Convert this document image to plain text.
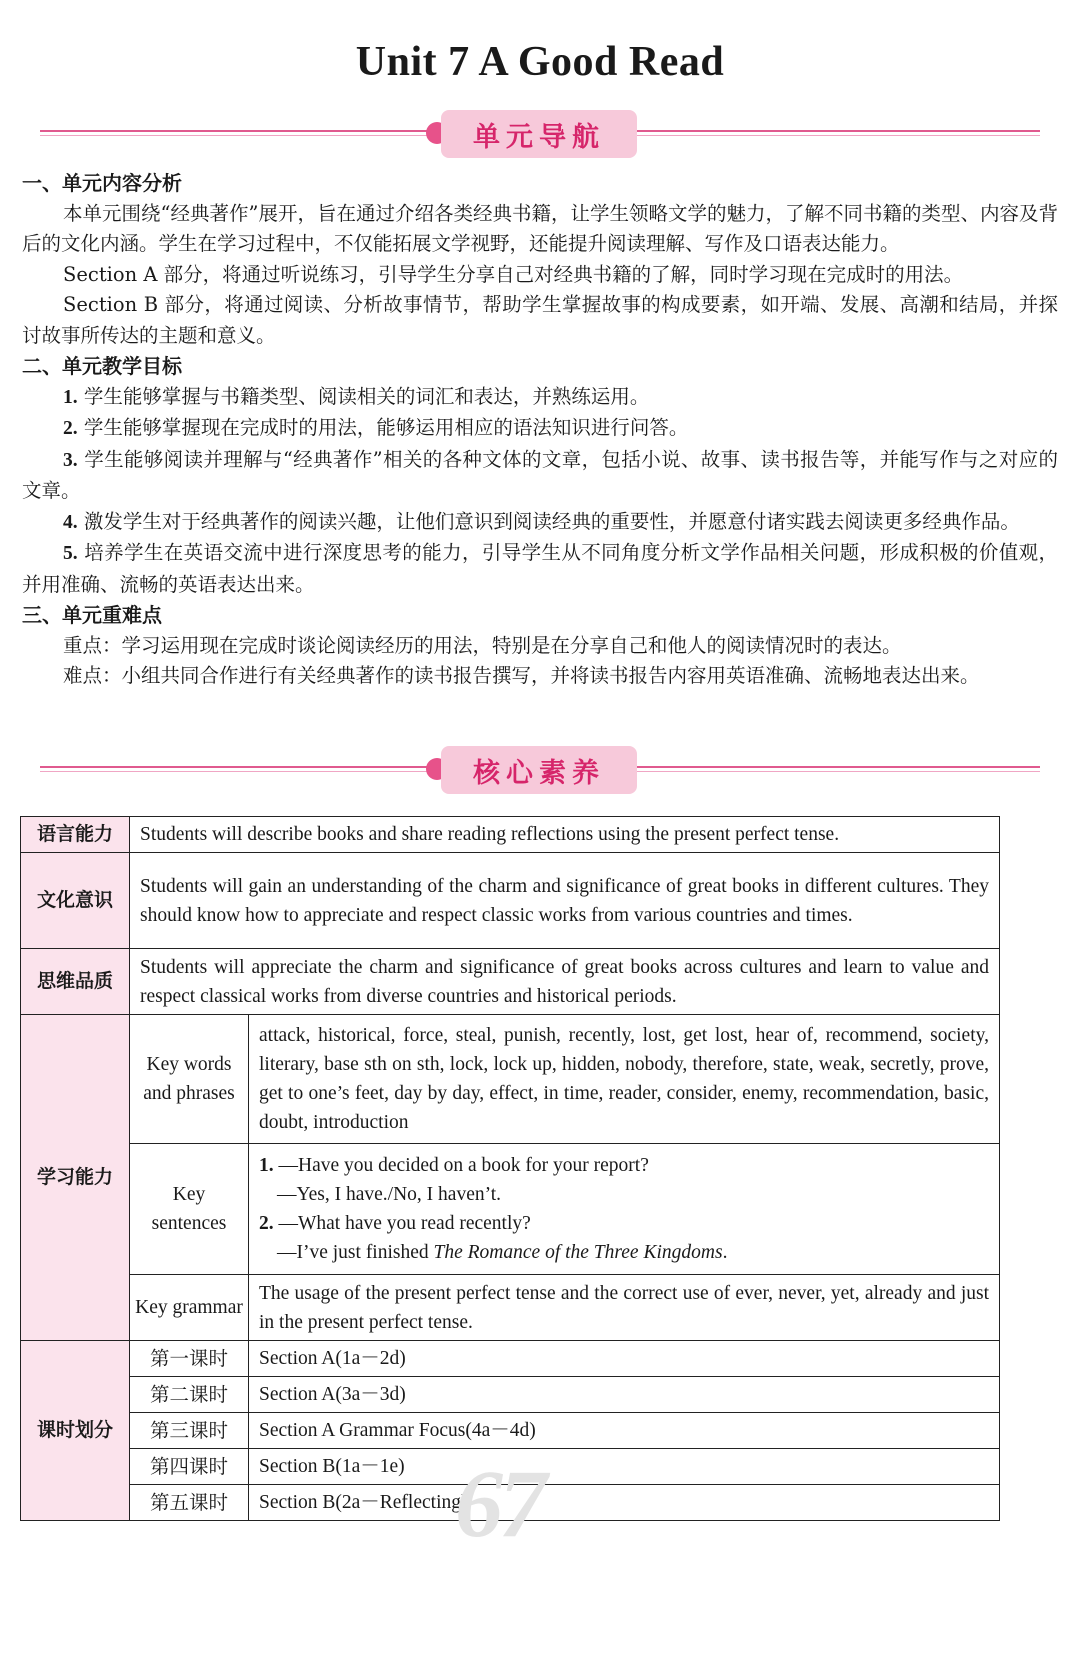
Unit 7 A Good Read
单元导航

一、单元内容分析

本单元围绕“经典著作”展开，旨在通过介绍各类经典书籍，让学生领略文学的魅力，了解不同书籍的类型、内容及背后的文化内涵。学生在学习过程中，不仅能拓展文学视野，还能提升阅读理解、写作及口语表达能力。

Section A 部分，将通过听说练习，引导学生分享自己对经典书籍的了解，同时学习现在完成时的用法。

Section B 部分，将通过阅读、分析故事情节，帮助学生掌握故事的构成要素，如开端、发展、高潮和结局，并探讨故事所传达的主题和意义。

二、单元教学目标

1. 学生能够掌握与书籍类型、阅读相关的词汇和表达，并熟练运用。

2. 学生能够掌握现在完成时的用法，能够运用相应的语法知识进行问答。

3. 学生能够阅读并理解与“经典著作”相关的各种文体的文章，包括小说、故事、读书报告等，并能写作与之对应的文章。

4. 激发学生对于经典著作的阅读兴趣，让他们意识到阅读经典的重要性，并愿意付诸实践去阅读更多经典作品。

5. 培养学生在英语交流中进行深度思考的能力，引导学生从不同角度分析文学作品相关问题，形成积极的价值观，并用准确、流畅的英语表达出来。

三、单元重难点

重点：学习运用现在完成时谈论阅读经历的用法，特别是在分享自己和他人的阅读情况时的表达。

难点：小组共同合作进行有关经典著作的读书报告撰写，并将读书报告内容用英语准确、流畅地表达出来。

核心素养
语言能力	Students will describe books and share reading reflections using the present perfect tense.	
文化意识	Students will gain an understanding of the charm and significance of great books in different cultures. They should know how to appreciate and respect classic works from various countries and times.	
思维品质	Students will appreciate the charm and significance of great books across cultures and learn to value and respect classical works from diverse countries and historical periods.	
学习能力	Key words and phrases	attack, historical, force, steal, punish, recently, lost, get lost, hear of, recommend, society, literary, base sth on sth, lock, lock up, hidden, nobody, therefore, state, weak, secretly, prove, get to one’s feet, day by day, effect, in time, reader, consider, enemy, recommendation, basic, doubt, introduction
	Key sentences	1. —Have you decided on a book for your report?
—Yes, I have./No, I haven’t.
2. —What have you read recently?
—I’ve just finished The Romance of the Three Kingdoms.

	Key grammar	The usage of the present perfect tense and the correct use of ever, never, yet, already and just in the present perfect tense.
课时划分	第一课时	Section A(1a－2d)
	第二课时	Section A(3a－3d)
	第三课时	Section A Grammar Focus(4a－4d)
	第四课时	Section B(1a－1e)
	第五课时	Section B(2a－Reflecting)
67
